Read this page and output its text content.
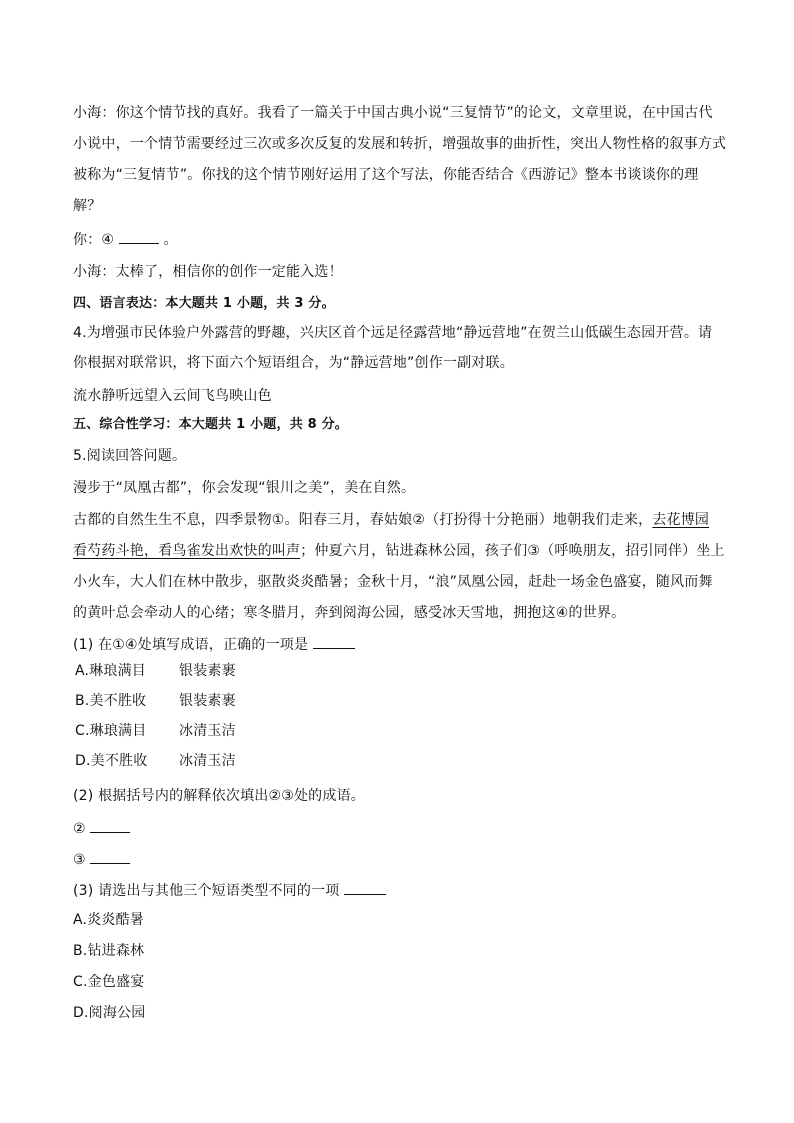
小海：你这个情节找的真好。我看了一篇关于中国古典小说“三复情节”的论文，文章里说，在中国古代
小说中，一个情节需要经过三次或多次反复的发展和转折，增强故事的曲折性，突出人物性格的叙事方式
被称为“三复情节”。你找的这个情节刚好运用了这个写法，你能否结合《西游记》整本书谈谈你的理
解？
你：④	。
小海：太棒了，相信你的创作一定能入选！
四、语言表达：本大题共 1 小题，共 3 分。
4.为增强市民体验户外露营的野趣，兴庆区首个远足径露营地“静远营地”在贺兰山低碳生态园开营。请
你根据对联常识，将下面六个短语组合，为“静远营地”创作一副对联。
流水静听远望入云间飞鸟映山色
五、综合性学习：本大题共 1 小题，共 8 分。
5.阅读回答问题。
漫步于“凤凰古都”，你会发现“银川之美”，美在自然。
古都的自然生生不息，四季景物①。阳春三月，春姑娘②（打扮得十分艳丽）地朝我们走来，去花博园
看芍药斗艳，看鸟雀发出欢快的叫声；仲夏六月，钻进森林公园，孩子们③（呼唤朋友，招引同伴）坐上
小火车，大人们在林中散步，驱散炎炎酷暑；金秋十月，“浪”凤凰公园，赶赴一场金色盛宴，随风而舞
的黄叶总会牵动人的心绪；寒冬腊月，奔到阅海公园，感受冰天雪地，拥抱这④的世界。
(1) 在①④处填写成语，正确的一项是
A.琳琅满目 银装素裹
B.美不胜收 银装素裹
C.琳琅满目 冰清玉洁
D.美不胜收 冰清玉洁
(2) 根据括号内的解释依次填出②③处的成语。
②
③
(3) 请选出与其他三个短语类型不同的一项
A.炎炎酷暑
B.钻进森林
C.金色盛宴
D.阅海公园
